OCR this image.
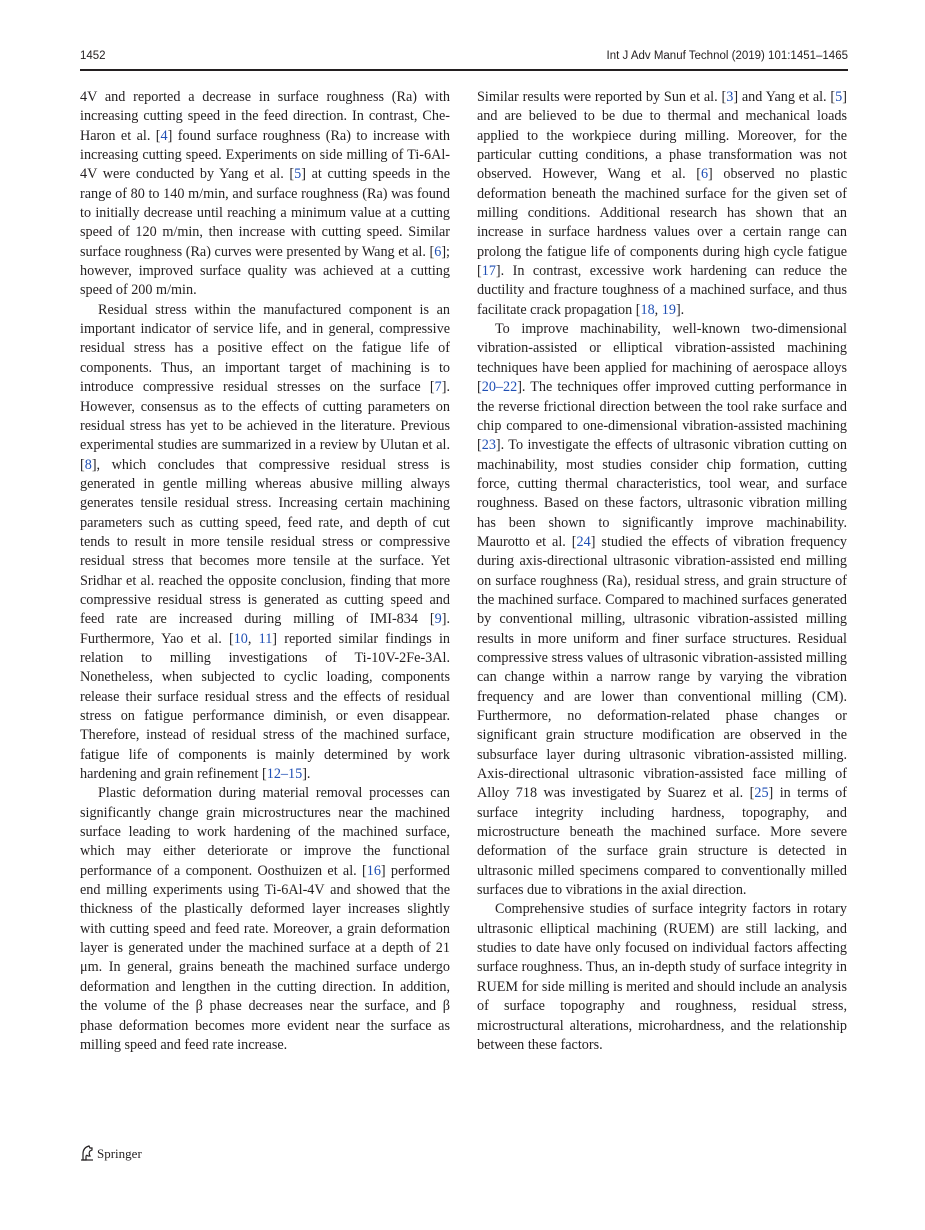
1452	Int J Adv Manuf Technol (2019) 101:1451–1465

4V and reported a decrease in surface roughness (Ra) with increasing cutting speed in the feed direction. In contrast, Che-Haron et al. [4] found surface roughness (Ra) to increase with increasing cutting speed. Experiments on side milling of Ti-6Al-4V were conducted by Yang et al. [5] at cutting speeds in the range of 80 to 140 m/min, and surface roughness (Ra) was found to initially decrease until reaching a minimum value at a cutting speed of 120 m/min, then increase with cutting speed. Similar surface roughness (Ra) curves were presented by Wang et al. [6]; however, improved surface quality was achieved at a cutting speed of 200 m/min.

Residual stress within the manufactured component is an important indicator of service life, and in general, compressive residual stress has a positive effect on the fatigue life of components. Thus, an important target of machining is to introduce compressive residual stresses on the surface [7]. However, consensus as to the effects of cutting parameters on residual stress has yet to be achieved in the literature. Previous experimental studies are summarized in a review by Ulutan et al. [8], which concludes that compressive residual stress is generated in gentle milling whereas abusive milling always generates tensile residual stress. Increasing certain machining parameters such as cutting speed, feed rate, and depth of cut tends to result in more tensile residual stress or compressive residual stress that becomes more tensile at the surface. Yet Sridhar et al. reached the opposite conclusion, finding that more compressive residual stress is generated as cutting speed and feed rate are increased during milling of IMI-834 [9]. Furthermore, Yao et al. [10, 11] reported similar findings in relation to milling investigations of Ti-10V-2Fe-3Al. Nonetheless, when subjected to cyclic loading, components release their surface residual stress and the effects of residual stress on fatigue performance diminish, or even disappear. Therefore, instead of residual stress of the machined surface, fatigue life of components is mainly determined by work hardening and grain refinement [12–15].

Plastic deformation during material removal processes can significantly change grain microstructures near the machined surface leading to work hardening of the machined surface, which may either deteriorate or improve the functional performance of a component. Oosthuizen et al. [16] performed end milling experiments using Ti-6Al-4V and showed that the thickness of the plastically deformed layer increases slightly with cutting speed and feed rate. Moreover, a grain deformation layer is generated under the machined surface at a depth of 21 μm. In general, grains beneath the machined surface undergo deformation and lengthen in the cutting direction. In addition, the volume of the β phase decreases near the surface, and β phase deformation becomes more evident near the surface as milling speed and feed rate increase.

Similar results were reported by Sun et al. [3] and Yang et al. [5] and are believed to be due to thermal and mechanical loads applied to the workpiece during milling. Moreover, for the particular cutting conditions, a phase transformation was not observed. However, Wang et al. [6] observed no plastic deformation beneath the machined surface for the given set of milling conditions. Additional research has shown that an increase in surface hardness values over a certain range can prolong the fatigue life of components during high cycle fatigue [17]. In contrast, excessive work hardening can reduce the ductility and fracture toughness of a machined surface, and thus facilitate crack propagation [18, 19].

To improve machinability, well-known two-dimensional vibration-assisted or elliptical vibration-assisted machining techniques have been applied for machining of aerospace alloys [20–22]. The techniques offer improved cutting performance in the reverse frictional direction between the tool rake surface and chip compared to one-dimensional vibration-assisted machining [23]. To investigate the effects of ultrasonic vibration cutting on machinability, most studies consider chip formation, cutting force, cutting thermal characteristics, tool wear, and surface roughness. Based on these factors, ultrasonic vibration milling has been shown to significantly improve machinability. Maurotto et al. [24] studied the effects of vibration frequency during axis-directional ultrasonic vibration-assisted end milling on surface roughness (Ra), residual stress, and grain structure of the machined surface. Compared to machined surfaces generated by conventional milling, ultrasonic vibration-assisted milling results in more uniform and finer surface structures. Residual compressive stress values of ultrasonic vibration-assisted milling can change within a narrow range by varying the vibration frequency and are lower than conventional milling (CM). Furthermore, no deformation-related phase changes or significant grain structure modification are observed in the subsurface layer during ultrasonic vibration-assisted milling. Axis-directional ultrasonic vibration-assisted face milling of Alloy 718 was investigated by Suarez et al. [25] in terms of surface integrity including hardness, topography, and microstructure beneath the machined surface. More severe deformation of the surface grain structure is detected in ultrasonic milled specimens compared to conventionally milled surfaces due to vibrations in the axial direction.

Comprehensive studies of surface integrity factors in rotary ultrasonic elliptical machining (RUEM) are still lacking, and studies to date have only focused on individual factors affecting surface roughness. Thus, an in-depth study of surface integrity in RUEM for side milling is merited and should include an analysis of surface topography and roughness, residual stress, microstructural alterations, microhardness, and the relationship between these factors.

Springer
